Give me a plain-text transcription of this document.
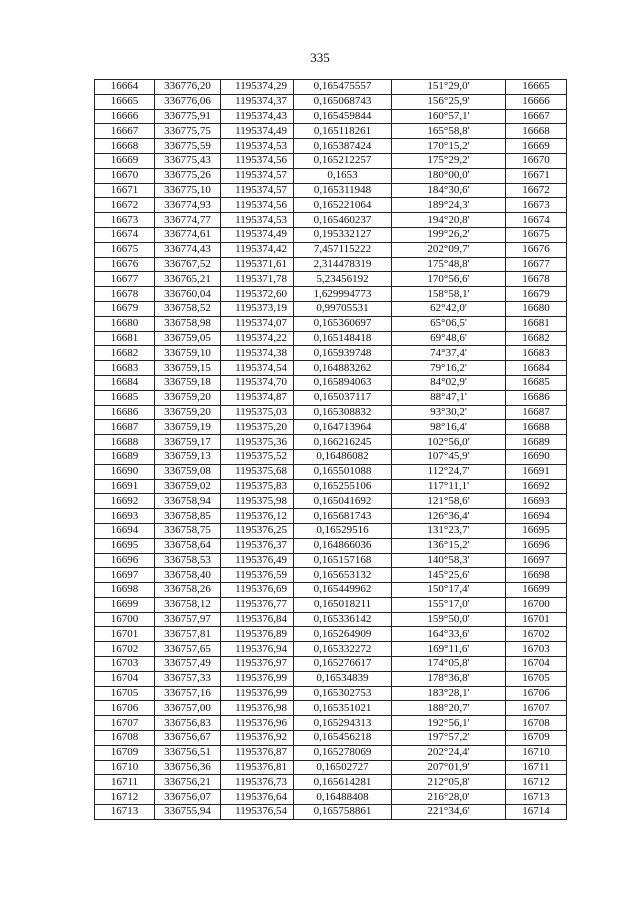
335
16664	336776,20	1195374,29	0,165475557	151°29,0'	16665
16665	336776,06	1195374,37	0,165068743	156°25,9'	16666
16666	336775,91	1195374,43	0,165459844	160°57,1'	16667
16667	336775,75	1195374,49	0,165118261	165°58,8'	16668
16668	336775,59	1195374,53	0,165387424	170°15,2'	16669
16669	336775,43	1195374,56	0,165212257	175°29,2'	16670
16670	336775,26	1195374,57	0,1653	180°00,0'	16671
16671	336775,10	1195374,57	0,165311948	184°30,6'	16672
16672	336774,93	1195374,56	0,165221064	189°24,3'	16673
16673	336774,77	1195374,53	0,165460237	194°20,8'	16674
16674	336774,61	1195374,49	0,195332127	199°26,2'	16675
16675	336774,43	1195374,42	7,457115222	202°09,7'	16676
16676	336767,52	1195371,61	2,314478319	175°48,8'	16677
16677	336765,21	1195371,78	5,23456192	170°56,6'	16678
16678	336760,04	1195372,60	1,629994773	158°58,1'	16679
16679	336758,52	1195373,19	0,99705531	62°42,0'	16680
16680	336758,98	1195374,07	0,165360697	65°06,5'	16681
16681	336759,05	1195374,22	0,165148418	69°48,6'	16682
16682	336759,10	1195374,38	0,165939748	74°37,4'	16683
16683	336759,15	1195374,54	0,164883262	79°16,2'	16684
16684	336759,18	1195374,70	0,165894063	84°02,9'	16685
16685	336759,20	1195374,87	0,165037117	88°47,1'	16686
16686	336759,20	1195375,03	0,165308832	93°30,2'	16687
16687	336759,19	1195375,20	0,164713964	98°16,4'	16688
16688	336759,17	1195375,36	0,166216245	102°56,0'	16689
16689	336759,13	1195375,52	0,16486082	107°45,9'	16690
16690	336759,08	1195375,68	0,165501088	112°24,7'	16691
16691	336759,02	1195375,83	0,165255106	117°11,1'	16692
16692	336758,94	1195375,98	0,165041692	121°58,6'	16693
16693	336758,85	1195376,12	0,165681743	126°36,4'	16694
16694	336758,75	1195376,25	0,16529516	131°23,7'	16695
16695	336758,64	1195376,37	0,164866036	136°15,2'	16696
16696	336758,53	1195376,49	0,165157168	140°58,3'	16697
16697	336758,40	1195376,59	0,165653132	145°25,6'	16698
16698	336758,26	1195376,69	0,165449962	150°17,4'	16699
16699	336758,12	1195376,77	0,165018211	155°17,0'	16700
16700	336757,97	1195376,84	0,165336142	159°50,0'	16701
16701	336757,81	1195376,89	0,165264909	164°33,6'	16702
16702	336757,65	1195376,94	0,165332272	169°11,6'	16703
16703	336757,49	1195376,97	0,165276617	174°05,8'	16704
16704	336757,33	1195376,99	0,16534839	178°36,8'	16705
16705	336757,16	1195376,99	0,165302753	183°28,1'	16706
16706	336757,00	1195376,98	0,165351021	188°20,7'	16707
16707	336756,83	1195376,96	0,165294313	192°56,1'	16708
16708	336756,67	1195376,92	0,165456218	197°57,2'	16709
16709	336756,51	1195376,87	0,165278069	202°24,4'	16710
16710	336756,36	1195376,81	0,16502727	207°01,9'	16711
16711	336756,21	1195376,73	0,165614281	212°05,8'	16712
16712	336756,07	1195376,64	0,16488408	216°28,0'	16713
16713	336755,94	1195376,54	0,165758861	221°34,6'	16714
